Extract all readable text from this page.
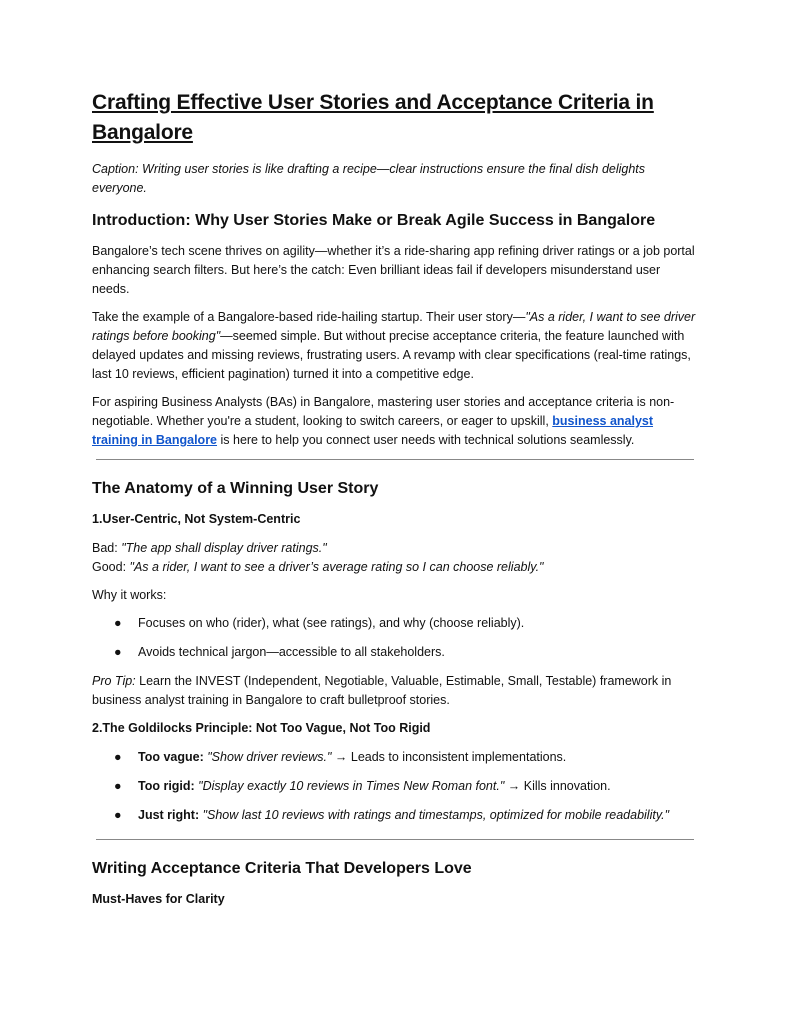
Crafting Effective User Stories and Acceptance Criteria in Bangalore

Caption: Writing user stories is like drafting a recipe—clear instructions ensure the final dish delights everyone.

Introduction: Why User Stories Make or Break Agile Success in Bangalore

Bangalore’s tech scene thrives on agility—whether it’s a ride-sharing app refining driver ratings or a job portal enhancing search filters. But here’s the catch: Even brilliant ideas fail if developers misunderstand user needs.

Take the example of a Bangalore-based ride-hailing startup. Their user story—"As a rider, I want to see driver ratings before booking"—seemed simple. But without precise acceptance criteria, the feature launched with delayed updates and missing reviews, frustrating users. A revamp with clear specifications (real-time ratings, last 10 reviews, efficient pagination) turned it into a competitive edge.

For aspiring Business Analysts (BAs) in Bangalore, mastering user stories and acceptance criteria is non-negotiable. Whether you're a student, looking to switch careers, or eager to upskill, business analyst training in Bangalore is here to help you connect user needs with technical solutions seamlessly.

The Anatomy of a Winning User Story
1.User-Centric, Not System-Centric

Bad: "The app shall display driver ratings."
Good: "As a rider, I want to see a driver’s average rating so I can choose reliably."

Why it works:

● Focuses on who (rider), what (see ratings), and why (choose reliably).
● Avoids technical jargon—accessible to all stakeholders.

Pro Tip: Learn the INVEST (Independent, Negotiable, Valuable, Estimable, Small, Testable) framework in business analyst training in Bangalore to craft bulletproof stories.

2.The Goldilocks Principle: Not Too Vague, Not Too Rigid
● Too vague: "Show driver reviews." → Leads to inconsistent implementations.
● Too rigid: "Display exactly 10 reviews in Times New Roman font." → Kills innovation.
● Just right: "Show last 10 reviews with ratings and timestamps, optimized for mobile readability."
Writing Acceptance Criteria That Developers Love
Must-Haves for Clarity
